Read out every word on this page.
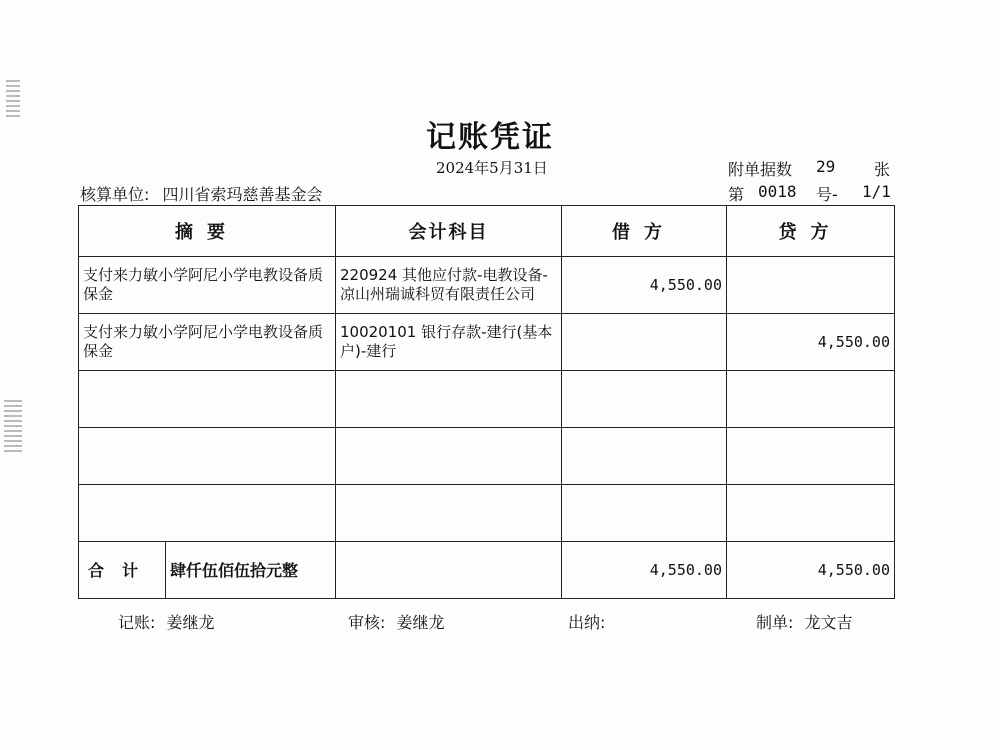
记账凭证
2024年5月31日	附单据数 29 张
核算单位: 四川省索玛慈善基金会	第 0018 号- 1/1
摘要	会计科目	借方	贷方
支付来力敏小学阿尼小学电教设备质保金	220924 其他应付款-电教设备-凉山州瑞诚科贸有限责任公司	4,550.00	
支付来力敏小学阿尼小学电教设备质保金	10020101 银行存款-建行(基本户)-建行		4,550.00

合计 肆仟伍佰伍拾元整		4,550.00	4,550.00
记账: 姜继龙	审核: 姜继龙	出纳:	制单: 龙文吉
